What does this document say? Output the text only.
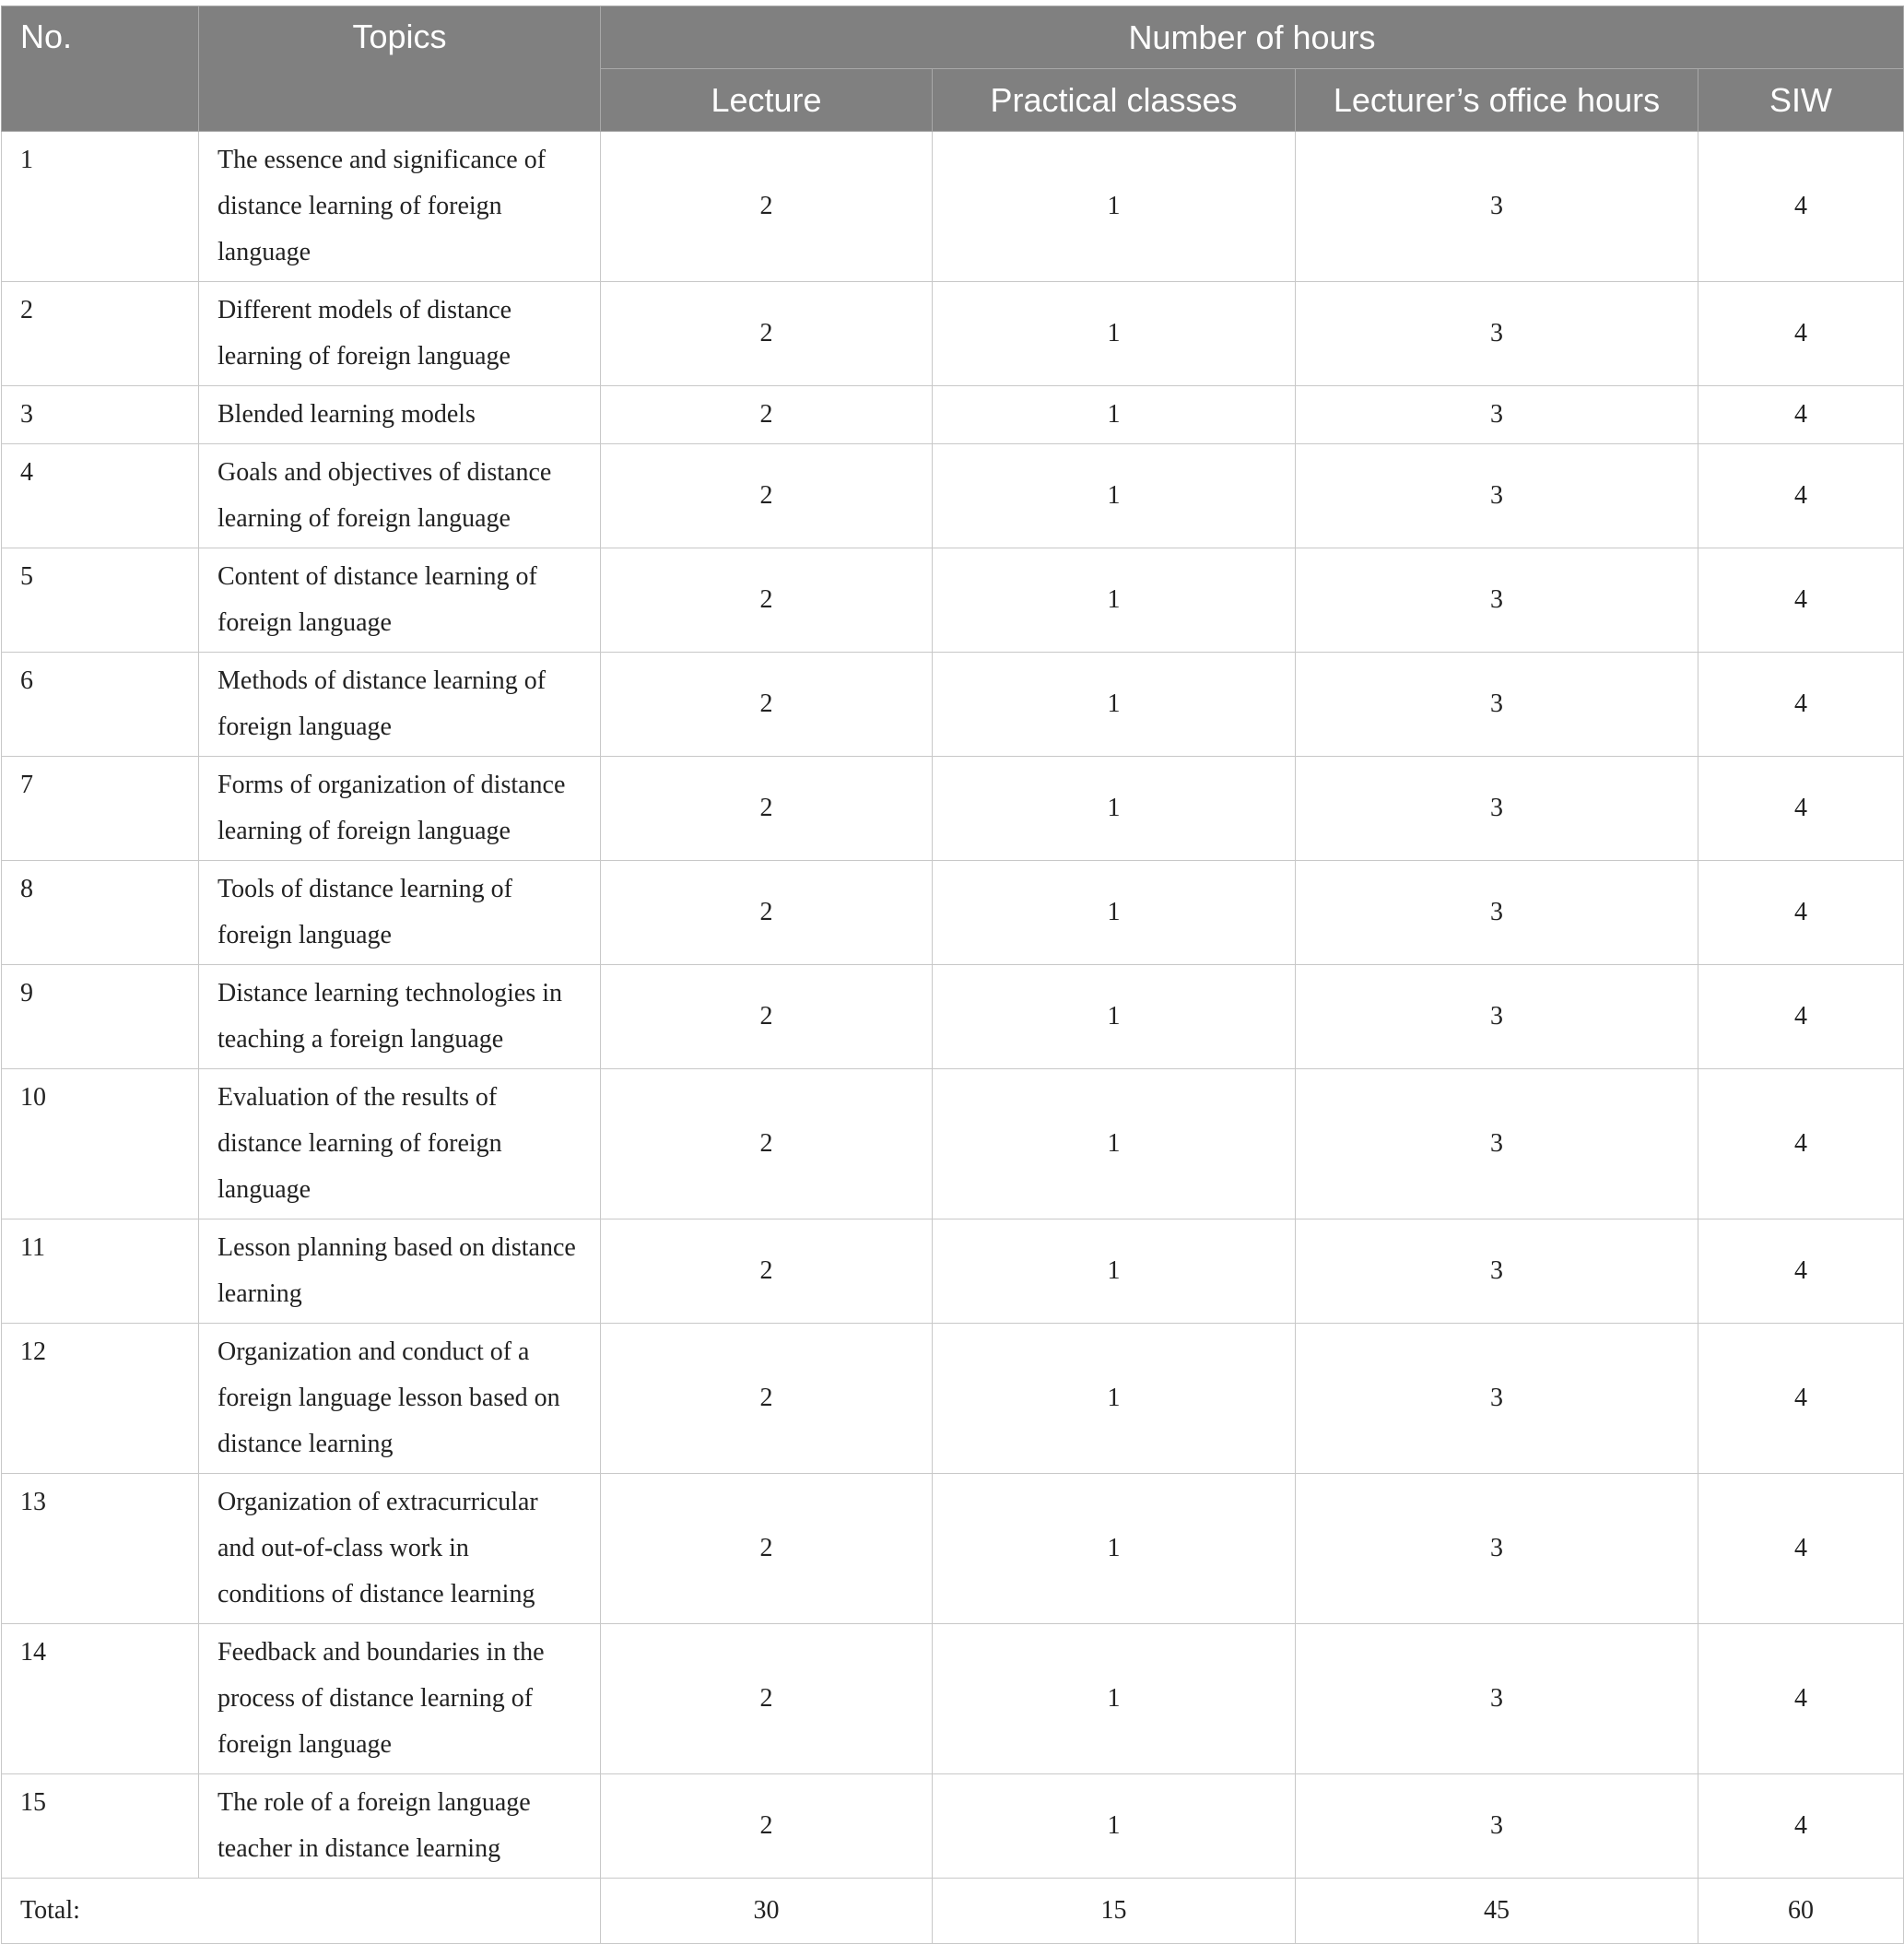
No.	Topics	Number of hours			
		Lecture	Practical classes	Lecturer’s office hours	SIW
1	The essence and significance of distance learning of foreign language	2	1	3	4
2	Different models of distance learning of foreign language	2	1	3	4
3	Blended learning models	2	1	3	4
4	Goals and objectives of distance learning of foreign language	2	1	3	4
5	Content of distance learning of foreign language	2	1	3	4
6	Methods of distance learning of foreign language	2	1	3	4
7	Forms of organization of distance learning of foreign language	2	1	3	4
8	Tools of distance learning of foreign language	2	1	3	4
9	Distance learning technologies in teaching a foreign language	2	1	3	4
10	Evaluation of the results of distance learning of foreign language	2	1	3	4
11	Lesson planning based on distance learning	2	1	3	4
12	Organization and conduct of a foreign language lesson based on distance learning	2	1	3	4
13	Organization of extracurricular and out-of-class work in conditions of distance learning	2	1	3	4
14	Feedback and boundaries in the process of distance learning of foreign language	2	1	3	4
15	The role of a foreign language teacher in distance learning	2	1	3	4
Total:		30	15	45	60
